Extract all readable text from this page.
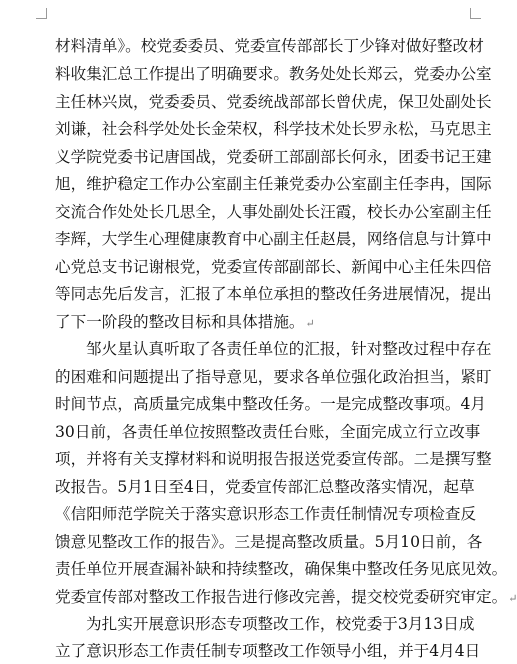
材料清单》。校党委委员、党委宣传部部长丁少锋对做好整改材
料收集汇总工作提出了明确要求。教务处处长郑云，党委办公室
主任林兴岚，党委委员、党委统战部部长曾伏虎，保卫处副处长
刘谦，社会科学处处长金荣权，科学技术处长罗永松，马克思主
义学院党委书记唐国战，党委研工部副部长何永，团委书记王建
旭，维护稳定工作办公室副主任兼党委办公室副主任李冉，国际
交流合作处处长几思全，人事处副处长汪霞，校长办公室副主任
李辉，大学生心理健康教育中心副主任赵晨，网络信息与计算中
心党总支书记谢根党，党委宣传部副部长、新闻中心主任朱四倍
等同志先后发言，汇报了本单位承担的整改任务进展情况，提出
了下一阶段的整改目标和具体措施。↵
邹火星认真听取了各责任单位的汇报，针对整改过程中存在
的困难和问题提出了指导意见，要求各单位强化政治担当，紧盯
时间节点，高质量完成集中整改任务。一是完成整改事项。4月
30日前，各责任单位按照整改责任台账，全面完成立行立改事
项，并将有关支撑材料和说明报告报送党委宣传部。二是撰写整
改报告。5月1日至4日，党委宣传部汇总整改落实情况，起草
《信阳师范学院关于落实意识形态工作责任制情况专项检查反
馈意见整改工作的报告》。三是提高整改质量。5月10日前，各
责任单位开展查漏补缺和持续整改，确保集中整改任务见底见效。
党委宣传部对整改工作报告进行修改完善，提交校党委研究审定。↵
为扎实开展意识形态专项整改工作，校党委于3月13日成
立了意识形态工作责任制专项整改工作领导小组，并于4月4日
